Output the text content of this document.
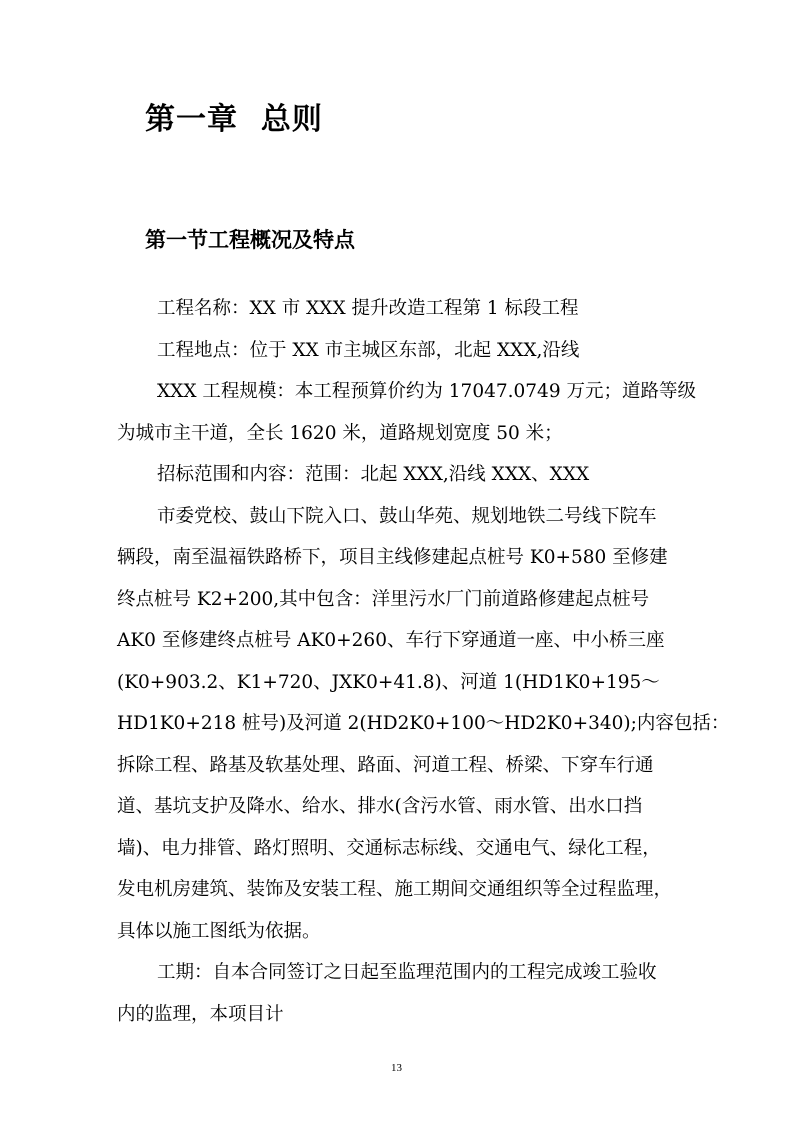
第一章  总则
第一节工程概况及特点

工程名称：XX 市 XXX 提升改造工程第 1 标段工程

工程地点：位于 XX 市主城区东部，北起 XXX,沿线

XXX 工程规模：本工程预算价约为 17047.0749 万元；道路等级

为城市主干道，全长 1620 米，道路规划宽度 50 米；

招标范围和内容：范围：北起 XXX,沿线 XXX、XXX

市委党校、鼓山下院入口、鼓山华苑、规划地铁二号线下院车

辆段，南至温福铁路桥下，项目主线修建起点桩号 K0+580 至修建

终点桩号 K2+200,其中包含：洋里污水厂门前道路修建起点桩号

AK0 至修建终点桩号 AK0+260、车行下穿通道一座、中小桥三座

(K0+903.2、K1+720、JXK0+41.8)、河道 1(HD1K0+195～

HD1K0+218 桩号)及河道 2(HD2K0+100～HD2K0+340);内容包括：

拆除工程、路基及软基处理、路面、河道工程、桥梁、下穿车行通

道、基坑支护及降水、给水、排水(含污水管、雨水管、出水口挡

墙)、电力排管、路灯照明、交通标志标线、交通电气、绿化工程，

发电机房建筑、装饰及安装工程、施工期间交通组织等全过程监理，

具体以施工图纸为依据。

工期：自本合同签订之日起至监理范围内的工程完成竣工验收

内的监理，本项目计

13
